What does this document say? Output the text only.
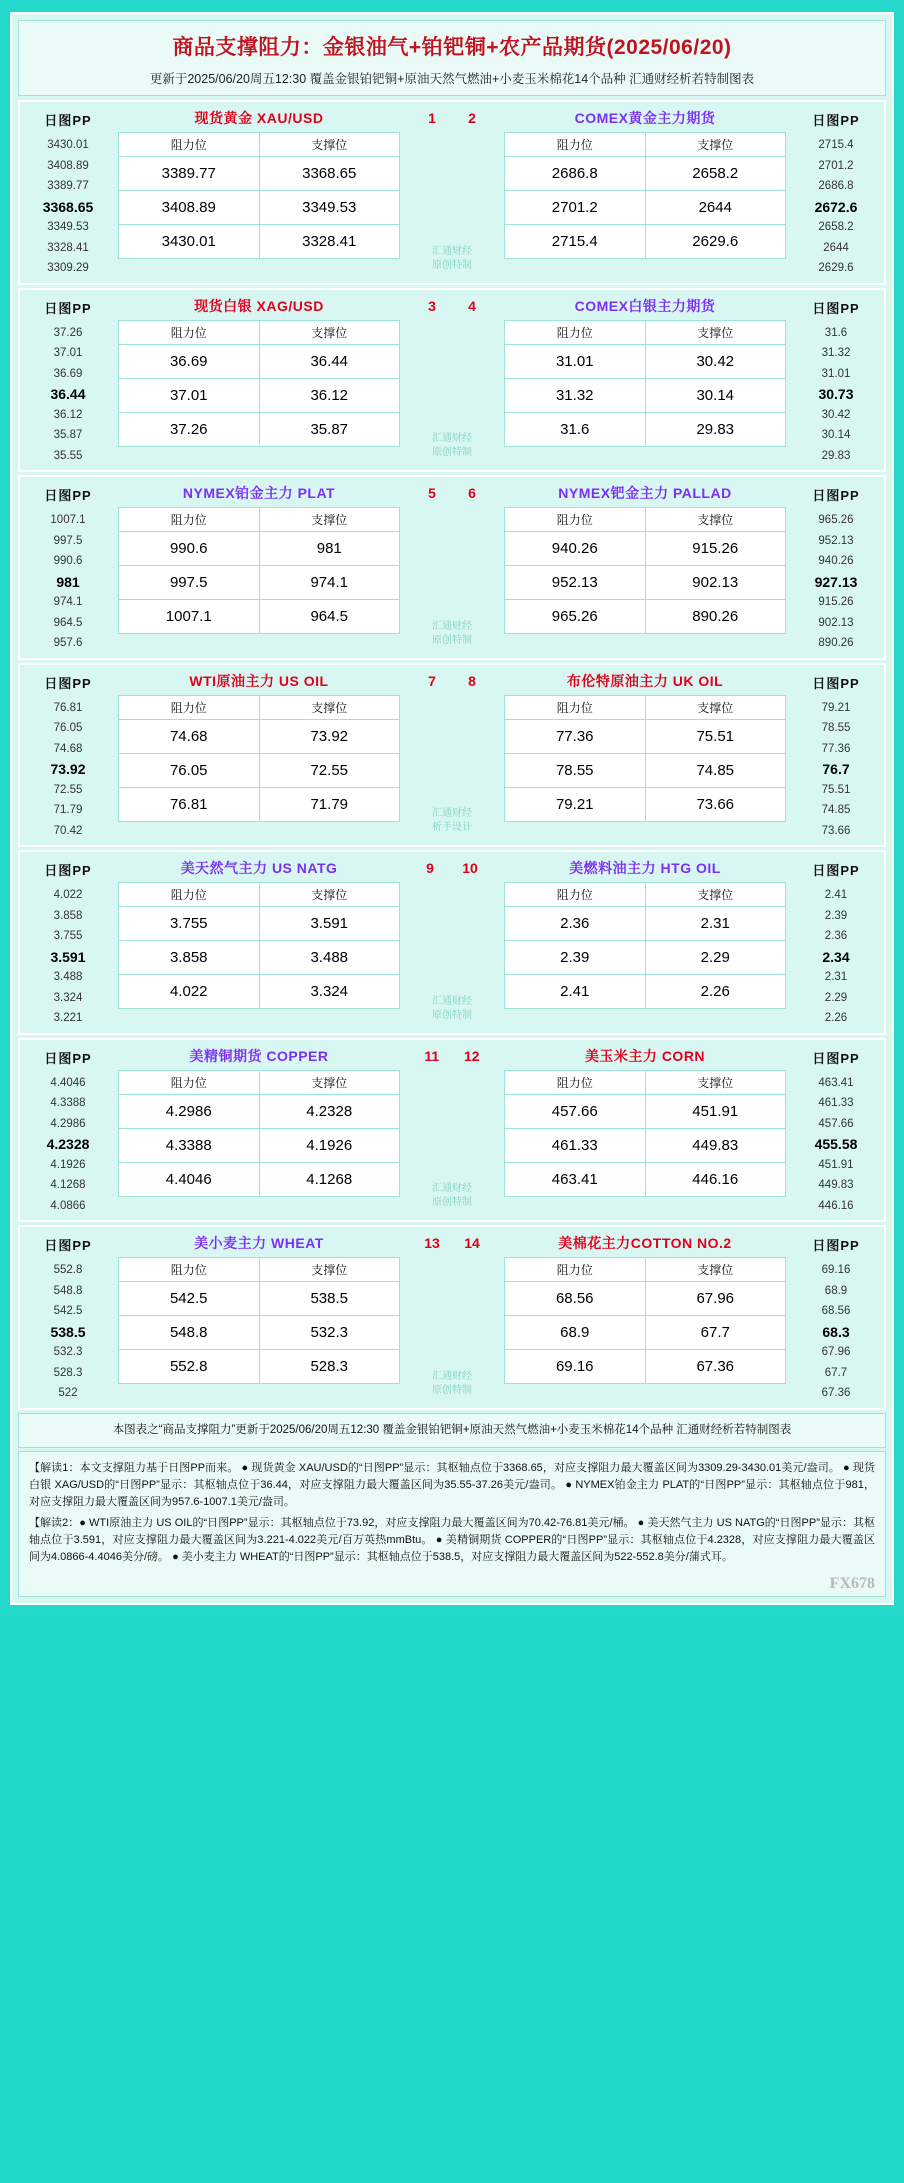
商品支撑阻力：金银油气+铂钯铜+农产品期货(2025/06/20)
更新于2025/06/20周五12:30 覆盖金银铂钯铜+原油天然气燃油+小麦玉米棉花14个品种 汇通财经析若特制图表
日图PP
3430.01
3408.89
3389.77
3368.65
3349.53
3328.41
3309.29
现货黄金 XAU/USD
阻力位	支撑位
3389.77	3368.65
3408.89	3349.53
3430.01	3328.41
1 2
汇通财经
原创特制
COMEX黄金主力期货
阻力位	支撑位
2686.8	2658.2
2701.2	2644
2715.4	2629.6
日图PP
2715.4
2701.2
2686.8
2672.6
2658.2
2644
2629.6
日图PP
37.26
37.01
36.69
36.44
36.12
35.87
35.55
现货白银 XAG/USD
阻力位	支撑位
36.69	36.44
37.01	36.12
37.26	35.87
3 4
汇通财经
原创特制
COMEX白银主力期货
阻力位	支撑位
31.01	30.42
31.32	30.14
31.6	29.83
日图PP
31.6
31.32
31.01
30.73
30.42
30.14
29.83
日图PP
1007.1
997.5
990.6
981
974.1
964.5
957.6
NYMEX铂金主力 PLAT
阻力位	支撑位
990.6	981
997.5	974.1
1007.1	964.5
5 6
汇通财经
原创特制
NYMEX钯金主力 PALLAD
阻力位	支撑位
940.26	915.26
952.13	902.13
965.26	890.26
日图PP
965.26
952.13
940.26
927.13
915.26
902.13
890.26
日图PP
76.81
76.05
74.68
73.92
72.55
71.79
70.42
WTI原油主力 US OIL
阻力位	支撑位
74.68	73.92
76.05	72.55
76.81	71.79
7 8
汇通财经
析手设计
布伦特原油主力 UK OIL
阻力位	支撑位
77.36	75.51
78.55	74.85
79.21	73.66
日图PP
79.21
78.55
77.36
76.7
75.51
74.85
73.66
日图PP
4.022
3.858
3.755
3.591
3.488
3.324
3.221
美天然气主力 US NATG
阻力位	支撑位
3.755	3.591
3.858	3.488
4.022	3.324
9 10
汇通财经
原创特制
美燃料油主力 HTG OIL
阻力位	支撑位
2.36	2.31
2.39	2.29
2.41	2.26
日图PP
2.41
2.39
2.36
2.34
2.31
2.29
2.26
日图PP
4.4046
4.3388
4.2986
4.2328
4.1926
4.1268
4.0866
美精铜期货 COPPER
阻力位	支撑位
4.2986	4.2328
4.3388	4.1926
4.4046	4.1268
11 12
汇通财经
原创特制
美玉米主力 CORN
阻力位	支撑位
457.66	451.91
461.33	449.83
463.41	446.16
日图PP
463.41
461.33
457.66
455.58
451.91
449.83
446.16
日图PP
552.8
548.8
542.5
538.5
532.3
528.3
522
美小麦主力 WHEAT
阻力位	支撑位
542.5	538.5
548.8	532.3
552.8	528.3
13 14
汇通财经
原创特制
美棉花主力COTTON NO.2
阻力位	支撑位
68.56	67.96
68.9	67.7
69.16	67.36
日图PP
69.16
68.9
68.56
68.3
67.96
67.7
67.36
本图表之“商品支撑阻力”更新于2025/06/20周五12:30 覆盖金银铂钯铜+原油天然气燃油+小麦玉米棉花14个品种 汇通财经析若特制图表

【解读1：本文支撑阻力基于日图PP而来。 ● 现货黄金 XAU/USD的“日图PP”显示：其枢轴点位于3368.65，对应支撑阻力最大覆盖区间为3309.29-3430.01美元/盎司。 ● 现货白银 XAG/USD的“日图PP”显示：其枢轴点位于36.44，对应支撑阻力最大覆盖区间为35.55-37.26美元/盎司。 ● NYMEX铂金主力 PLAT的“日图PP”显示：其枢轴点位于981，对应支撑阻力最大覆盖区间为957.6-1007.1美元/盎司。

【解读2：● WTI原油主力 US OIL的“日图PP”显示：其枢轴点位于73.92，对应支撑阻力最大覆盖区间为70.42-76.81美元/桶。 ● 美天然气主力 US NATG的“日图PP”显示：其枢轴点位于3.591，对应支撑阻力最大覆盖区间为3.221-4.022美元/百万英热mmBtu。 ● 美精铜期货 COPPER的“日图PP”显示：其枢轴点位于4.2328，对应支撑阻力最大覆盖区间为4.0866-4.4046美分/磅。 ● 美小麦主力 WHEAT的“日图PP”显示：其枢轴点位于538.5，对应支撑阻力最大覆盖区间为522-552.8美分/蒲式耳。

FX678
